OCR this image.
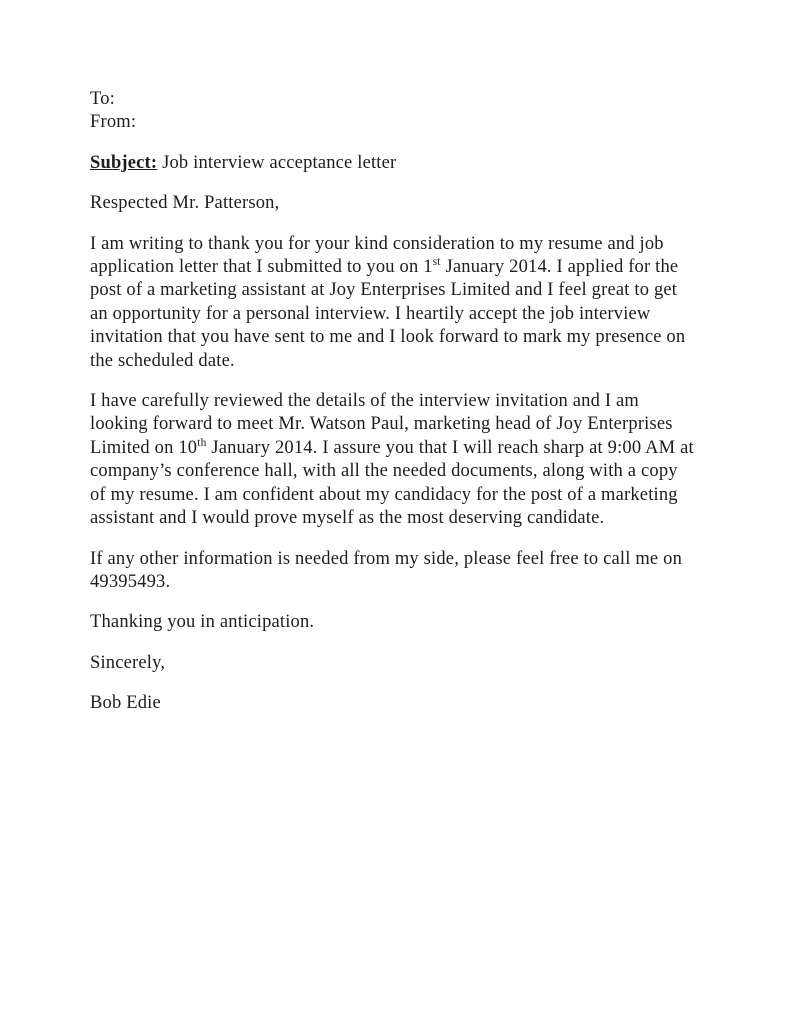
To:
From:
Subject: Job interview acceptance letter
Respected Mr. Patterson,

I am writing to thank you for your kind consideration to my resume and job application letter that I submitted to you on 1st January 2014. I applied for the post of a marketing assistant at Joy Enterprises Limited and I feel great to get an opportunity for a personal interview. I heartily accept the job interview invitation that you have sent to me and I look forward to mark my presence on the scheduled date.

I have carefully reviewed the details of the interview invitation and I am looking forward to meet Mr. Watson Paul, marketing head of Joy Enterprises Limited on 10th January 2014. I assure you that I will reach sharp at 9:00 AM at company’s conference hall, with all the needed documents, along with a copy of my resume. I am confident about my candidacy for the post of a marketing assistant and I would prove myself as the most deserving candidate.

If any other information is needed from my side, please feel free to call me on 49395493.

Thanking you in anticipation.
Sincerely,
Bob Edie
